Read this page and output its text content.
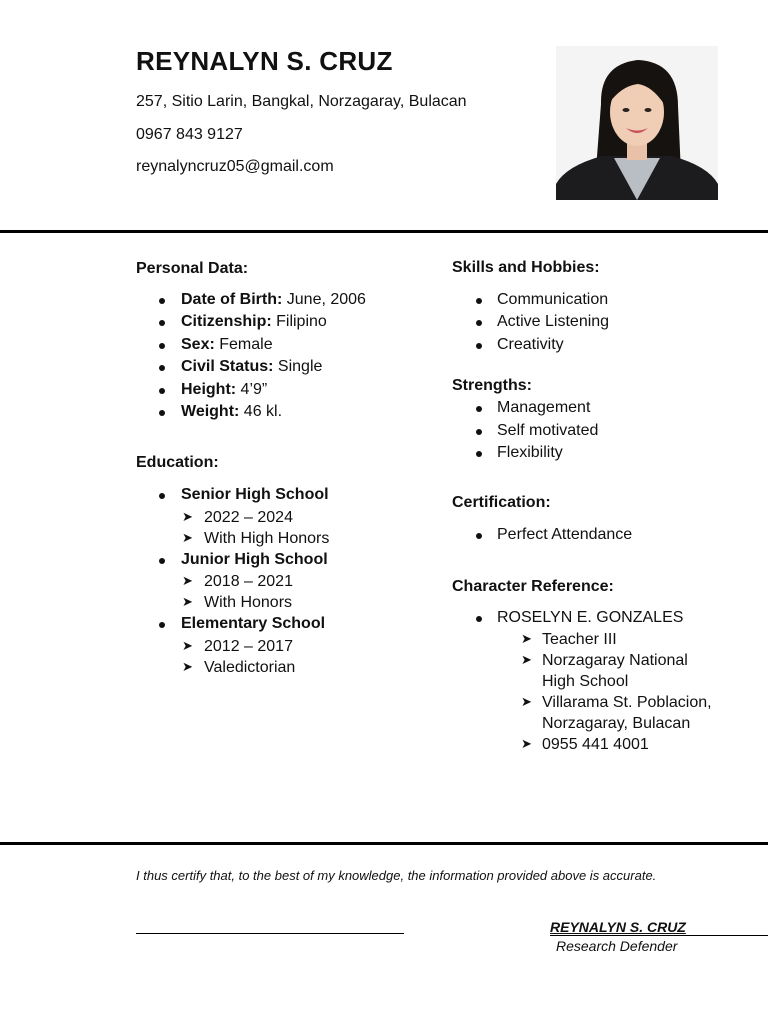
REYNALYN S. CRUZ
257, Sitio Larin, Bangkal, Norzagaray, Bulacan
0967 843 9127
reynalyncruz05@gmail.com

Personal Data:

Date of Birth: June, 2006
Citizenship: Filipino
Sex: Female
Civil Status: Single
Height: 4’9”
Weight: 46 kl.

Education:

Senior High School
➤ 2022 – 2024
➤ With High Honors
Junior High School
➤ 2018 – 2021
➤ With Honors
Elementary School
➤ 2012 – 2017
➤ Valedictorian

Skills and Hobbies:

Communication
Active Listening
Creativity

Strengths:

Management
Self motivated
Flexibility

Certification:

Perfect Attendance

Character Reference:

ROSELYN E. GONZALES
➤ Teacher III
➤ Norzagaray National High School
➤ Villarama St. Poblacion, Norzagaray, Bulacan
➤ 0955 441 4001
I thus certify that, to the best of my knowledge, the information provided above is accurate.
REYNALYN S. CRUZ
Research Defender
